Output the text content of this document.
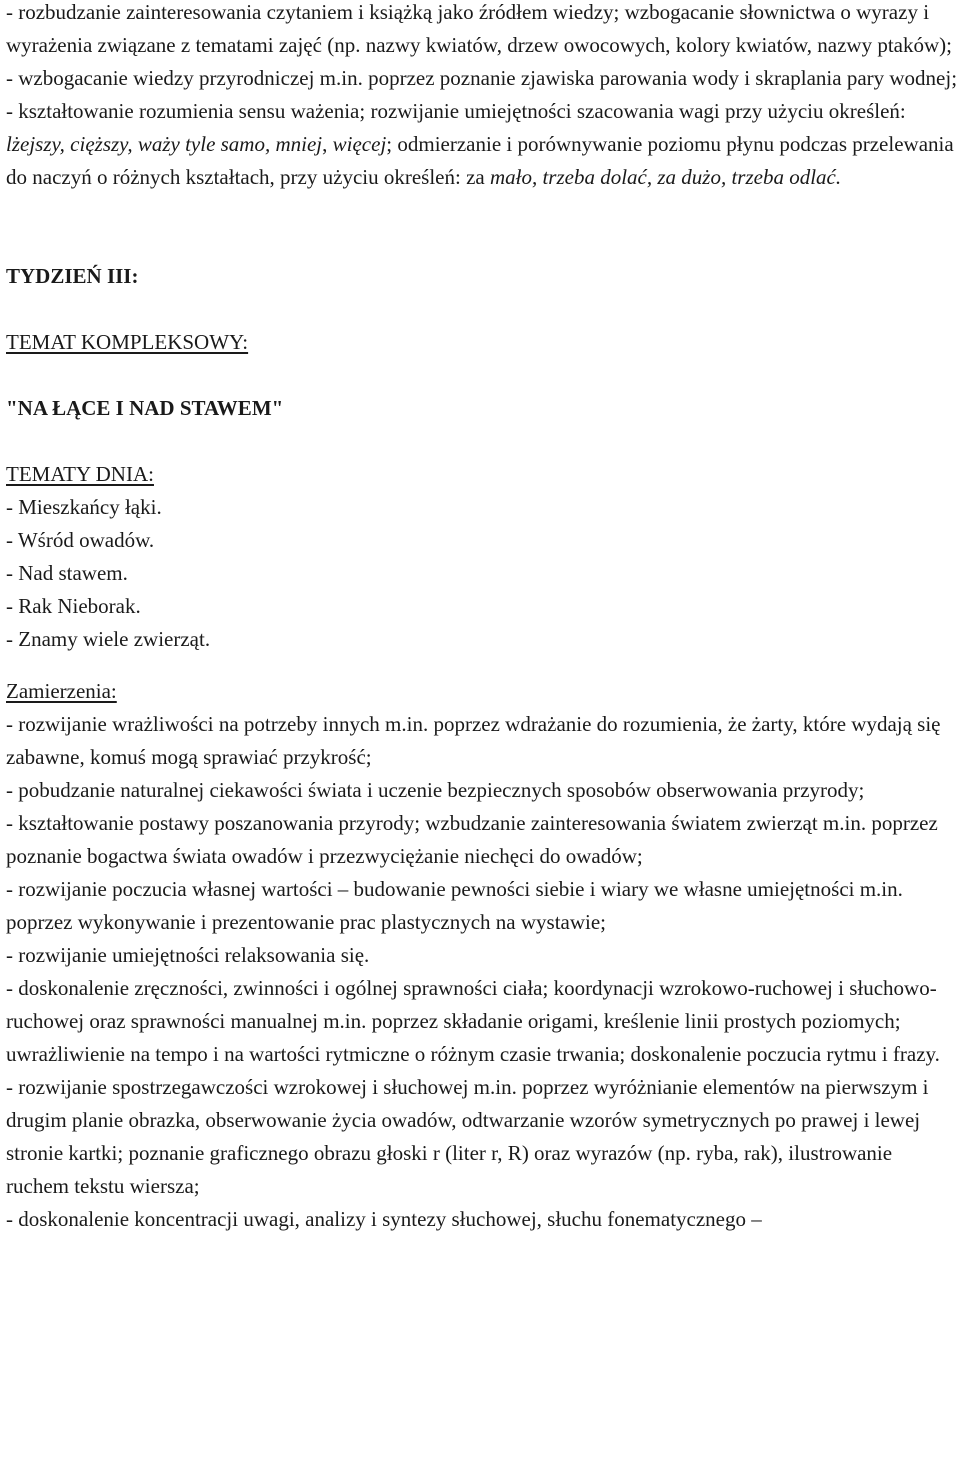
- rozbudzanie zainteresowania czytaniem i książką jako źródłem wiedzy; wzbogacanie słownictwa o wyrazy i wyrażenia związane z tematami zajęć (np. nazwy kwiatów, drzew owocowych, kolory kwiatów, nazwy ptaków);

- wzbogacanie wiedzy przyrodniczej m.in. poprzez poznanie zjawiska parowania wody i skraplania pary wodnej;

- kształtowanie rozumienia sensu ważenia; rozwijanie umiejętności szacowania wagi przy użyciu określeń: lżejszy, cięższy, waży tyle samo, mniej, więcej; odmierzanie i porównywanie poziomu płynu podczas przelewania do naczyń o różnych kształtach, przy użyciu określeń: za mało, trzeba dolać, za dużo, trzeba odlać.

TYDZIEŃ III:

TEMAT KOMPLEKSOWY:

"NA ŁĄCE I NAD STAWEM"

TEMATY DNIA:

- Mieszkańcy łąki.

- Wśród owadów.

- Nad stawem.

- Rak Nieborak.

- Znamy wiele zwierząt.

Zamierzenia:

- rozwijanie wrażliwości na potrzeby innych m.in. poprzez wdrażanie do rozumienia, że żarty, które wydają się zabawne, komuś mogą sprawiać przykrość;

- pobudzanie naturalnej ciekawości świata i uczenie bezpiecznych sposobów obserwowania przyrody;

- kształtowanie postawy poszanowania przyrody; wzbudzanie zainteresowania światem zwierząt m.in. poprzez poznanie bogactwa świata owadów i przezwyciężanie niechęci do owadów;

- rozwijanie poczucia własnej wartości – budowanie pewności siebie i wiary we własne umiejętności m.in. poprzez wykonywanie i prezentowanie prac plastycznych na wystawie;

- rozwijanie umiejętności relaksowania się.

- doskonalenie zręczności, zwinności i ogólnej sprawności ciała; koordynacji wzrokowo-ruchowej i słuchowo-ruchowej oraz sprawności manualnej m.in. poprzez składanie origami, kreślenie linii prostych poziomych; uwrażliwienie na tempo i na wartości rytmiczne o różnym czasie trwania; doskonalenie poczucia rytmu i frazy.

- rozwijanie spostrzegawczości wzrokowej i słuchowej m.in. poprzez wyróżnianie elementów na pierwszym i drugim planie obrazka, obserwowanie życia owadów, odtwarzanie wzorów symetrycznych po prawej i lewej stronie kartki; poznanie graficznego obrazu głoski r (liter r, R) oraz wyrazów (np. ryba, rak), ilustrowanie ruchem tekstu wiersza;

- doskonalenie koncentracji uwagi, analizy i syntezy słuchowej, słuchu fonematycznego –
